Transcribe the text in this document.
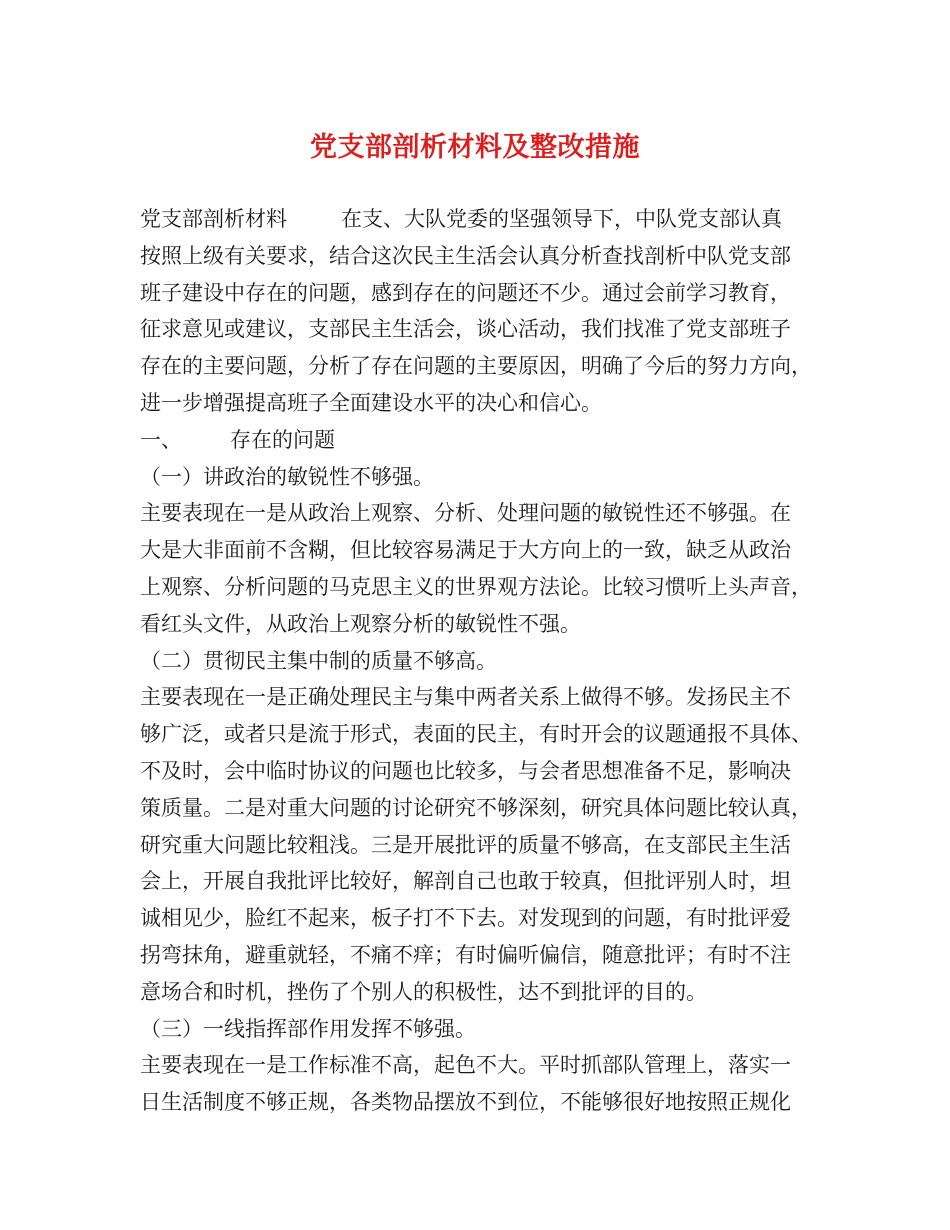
党支部剖析材料及整改措施
党支部剖析材料	在支、大队党委的坚强领导下，中队党支部认真
按照上级有关要求，结合这次民主生活会认真分析查找剖析中队党支部
班子建设中存在的问题，感到存在的问题还不少。通过会前学习教育，
征求意见或建议，支部民主生活会，谈心活动，我们找准了党支部班子
存在的主要问题，分析了存在问题的主要原因，明确了今后的努力方向，
进一步增强提高班子全面建设水平的决心和信心。
一、 存在的问题
（一）讲政治的敏锐性不够强。
主要表现在一是从政治上观察、分析、处理问题的敏锐性还不够强。在
大是大非面前不含糊，但比较容易满足于大方向上的一致，缺乏从政治
上观察、分析问题的马克思主义的世界观方法论。比较习惯听上头声音，
看红头文件，从政治上观察分析的敏锐性不强。
（二）贯彻民主集中制的质量不够高。
主要表现在一是正确处理民主与集中两者关系上做得不够。发扬民主不
够广泛，或者只是流于形式，表面的民主，有时开会的议题通报不具体、
不及时，会中临时协议的问题也比较多，与会者思想准备不足，影响决
策质量。二是对重大问题的讨论研究不够深刻，研究具体问题比较认真，
研究重大问题比较粗浅。三是开展批评的质量不够高，在支部民主生活
会上，开展自我批评比较好，解剖自己也敢于较真，但批评别人时，坦
诚相见少，脸红不起来，板子打不下去。对发现到的问题，有时批评爱
拐弯抹角，避重就轻，不痛不痒；有时偏听偏信，随意批评；有时不注
意场合和时机，挫伤了个别人的积极性，达不到批评的目的。
（三）一线指挥部作用发挥不够强。
主要表现在一是工作标准不高，起色不大。平时抓部队管理上，落实一
日生活制度不够正规，各类物品摆放不到位，不能够很好地按照正规化
